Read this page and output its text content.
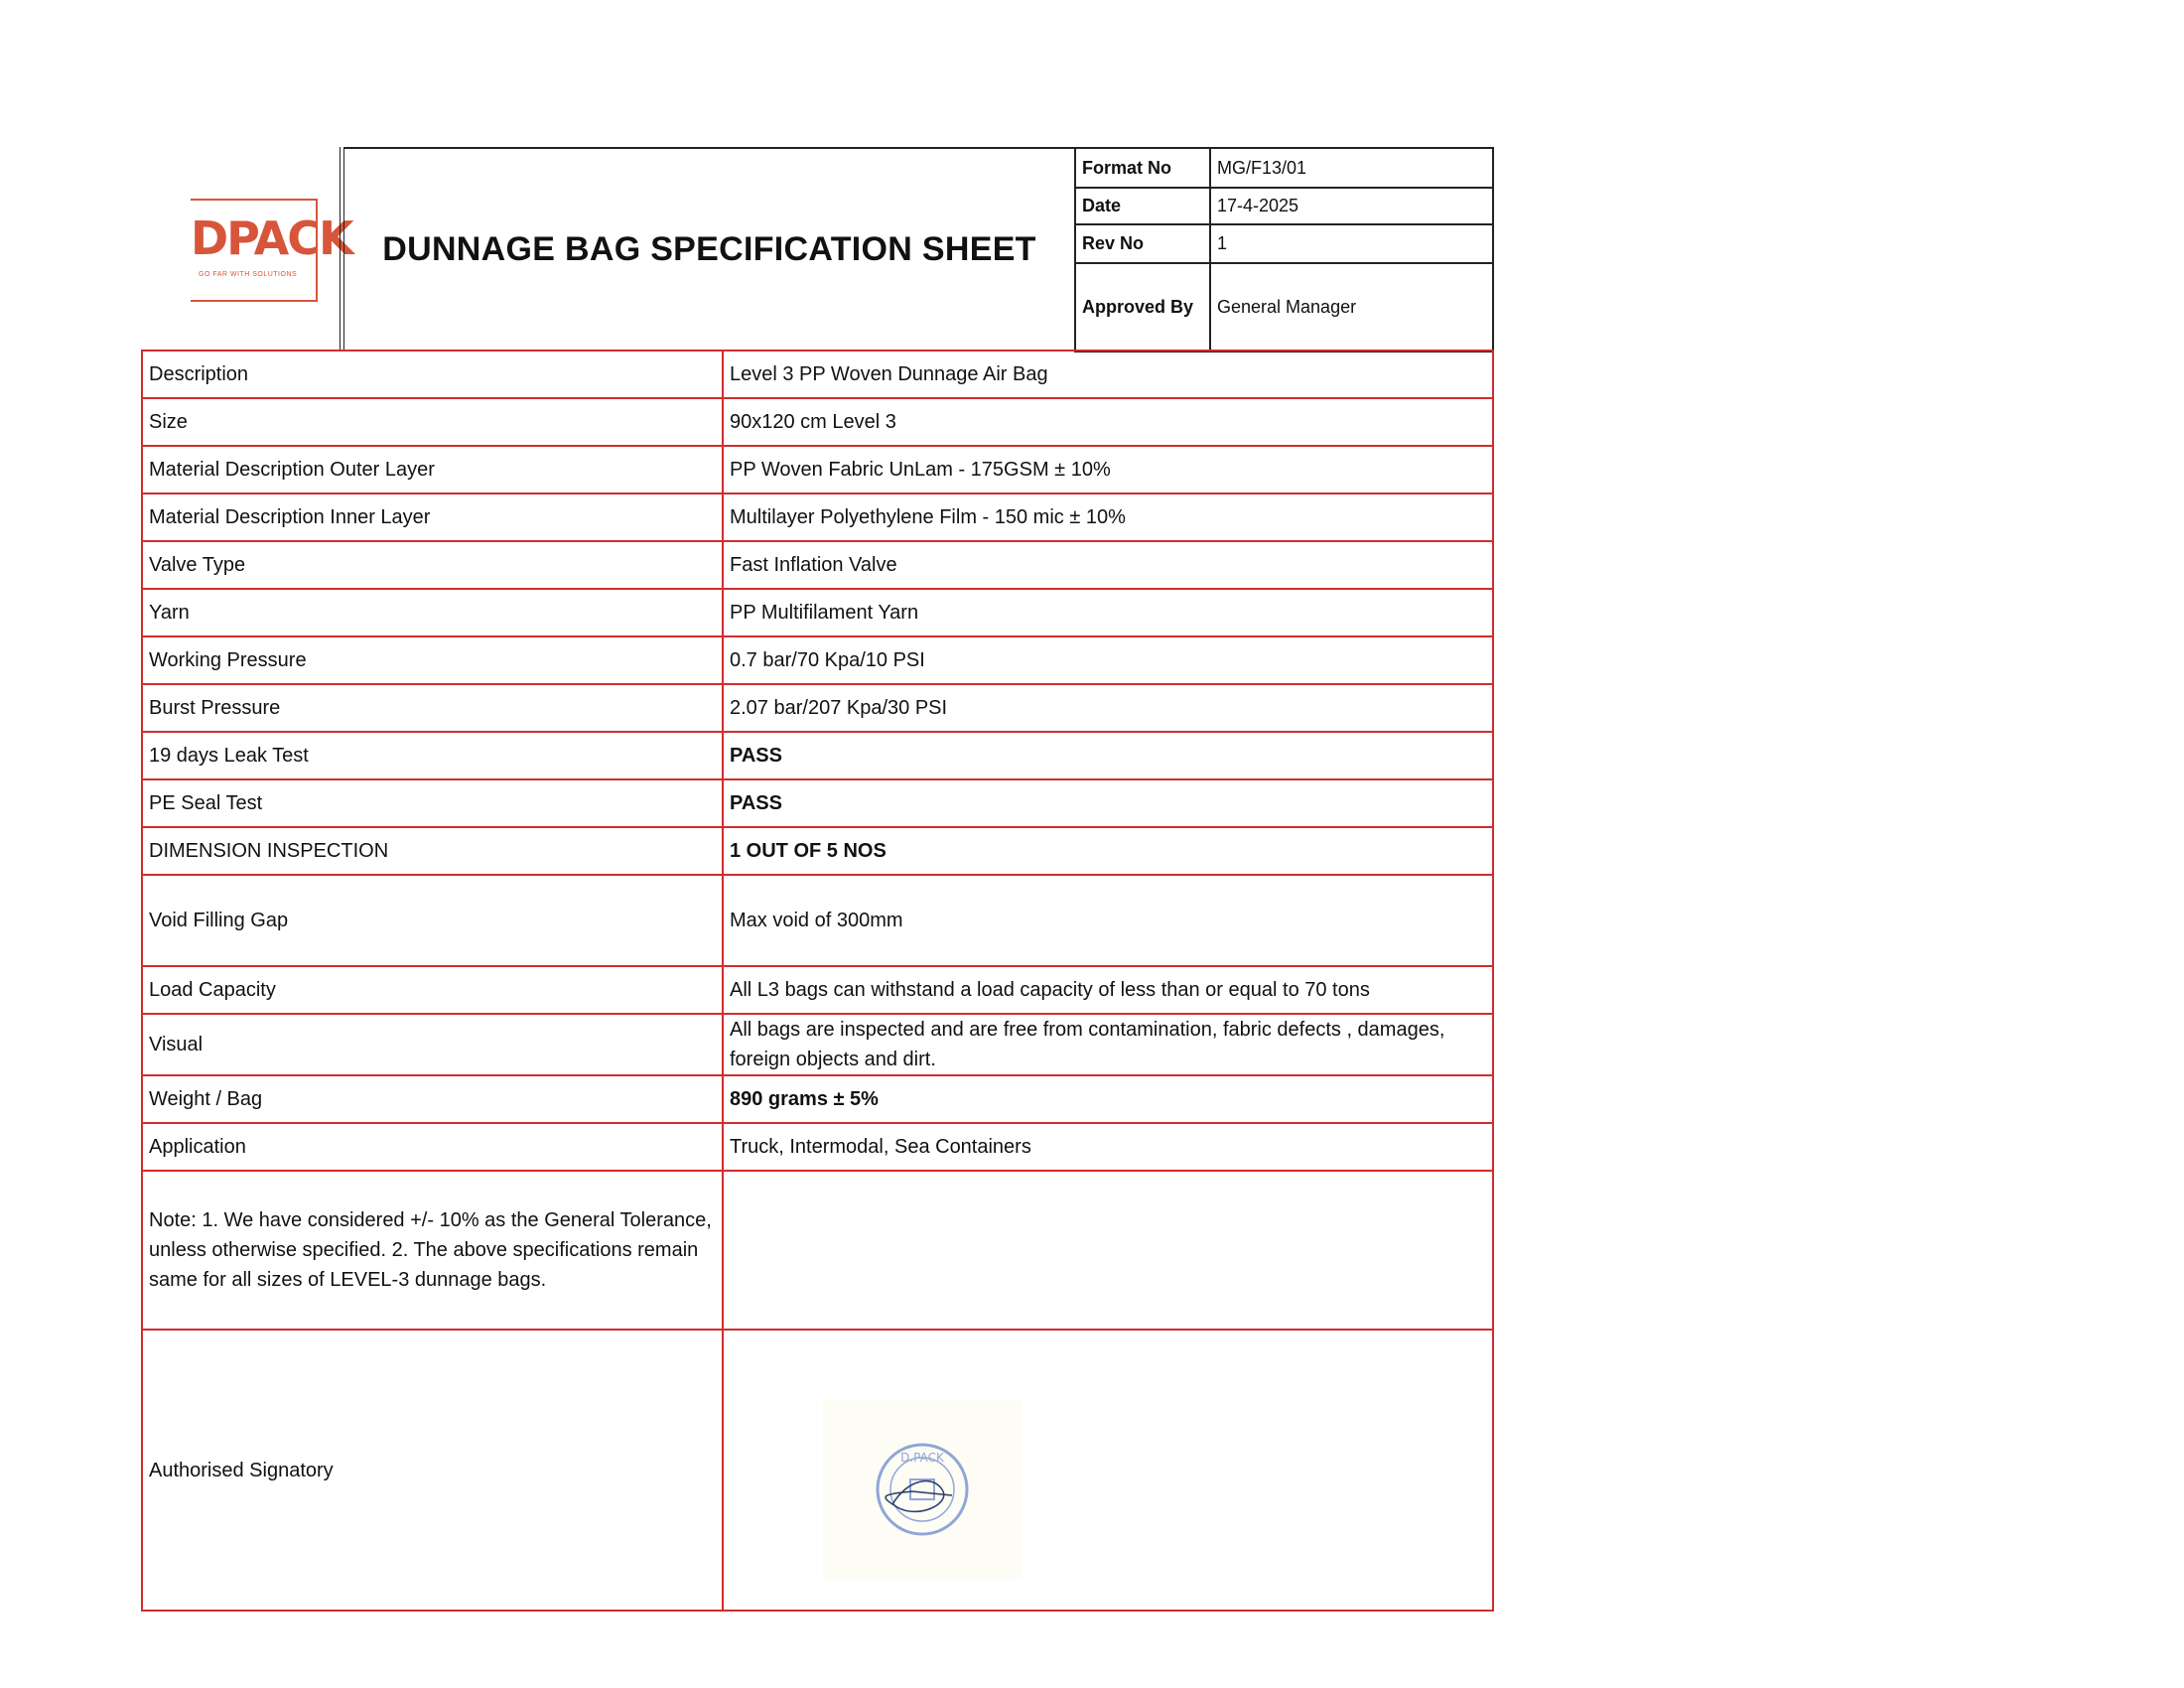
DPACK
GO FAR WITH SOLUTIONS
DUNNAGE BAG SPECIFICATION SHEET
Format No	MG/F13/01
Date	17-4-2025
Rev No	1
Approved By	General Manager
Description	Level 3 PP Woven Dunnage Air Bag
Size	90x120 cm Level 3
Material Description Outer Layer	PP Woven Fabric UnLam - 175GSM ± 10%
Material Description Inner Layer	Multilayer Polyethylene Film - 150 mic ± 10%
Valve Type	Fast Inflation Valve
Yarn	PP Multifilament Yarn
Working Pressure	0.7 bar/70 Kpa/10 PSI
Burst Pressure	2.07 bar/207 Kpa/30 PSI
19 days Leak Test	PASS
PE Seal Test	PASS
DIMENSION INSPECTION	1 OUT OF 5 NOS
Void Filling Gap	Max void of 300mm
Load Capacity	All L3 bags can withstand a load capacity of less than or equal to 70 tons
Visual	All bags are inspected and are free from contamination, fabric defects , damages, foreign objects and dirt.
Weight / Bag	890 grams ± 5%
Application	Truck, Intermodal, Sea Containers
Note: 1. We have considered +/- 10% as the General Tolerance, unless otherwise specified. 2. The above specifications remain same for all sizes of LEVEL-3 dunnage bags.	
Authorised Signatory	D.PACK
